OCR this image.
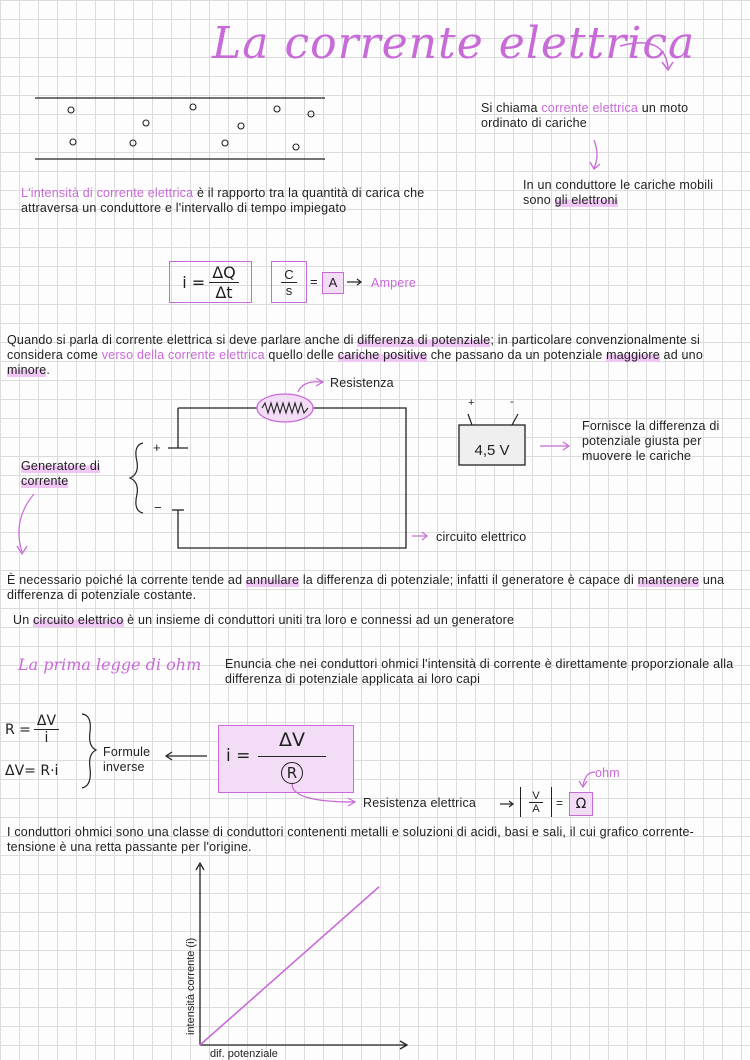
La corrente elettrica
Si chiama corrente elettrica un moto ordinato di cariche
In un conduttore le cariche mobili sono gli elettroni
L'intensità di corrente elettrica è il rapporto tra la quantità di carica che attraversa un conduttore e l'intervallo di tempo impiegato
$i = \frac{\Delta Q}{\Delta t}$	$\frac{C}{s} = A$	Ampere
Quando si parla di corrente elettrica si deve parlare anche di differenza di potenziale; in particolare convenzionalmente si considera come verso della corrente elettrica quello delle cariche positive che passano da un potenziale maggiore ad uno minore.
Resistenza
+
−
Generatore di corrente
circuito elettrico
+	-
4,5 V
Fornisce la differenza di potenziale giusta per muovere le cariche
È necessario poiché la corrente tende ad annullare la differenza di potenziale; infatti il generatore è capace di mantenere una differenza di potenziale costante.
Un circuito elettrico è un insieme di conduttori uniti tra loro e connessi ad un generatore
La prima legge di ohm Enuncia che nei conduttori ohmici l'intensità di corrente è direttamente proporzionale alla differenza di potenziale applicata ai loro capi
$R = \frac{\Delta V}{i}$
ΔV= R·i
Formule inverse
i =
ΔV
R
Resistenza elettrica	$\frac{V}{A} = \Omega$
ohm
I conduttori ohmici sono una classe di conduttori contenenti metalli e soluzioni di acidi, basi e sali, il cui grafico corrente-tensione è una retta passante per l'origine.
intensità corrente (i)
dif. potenziale
